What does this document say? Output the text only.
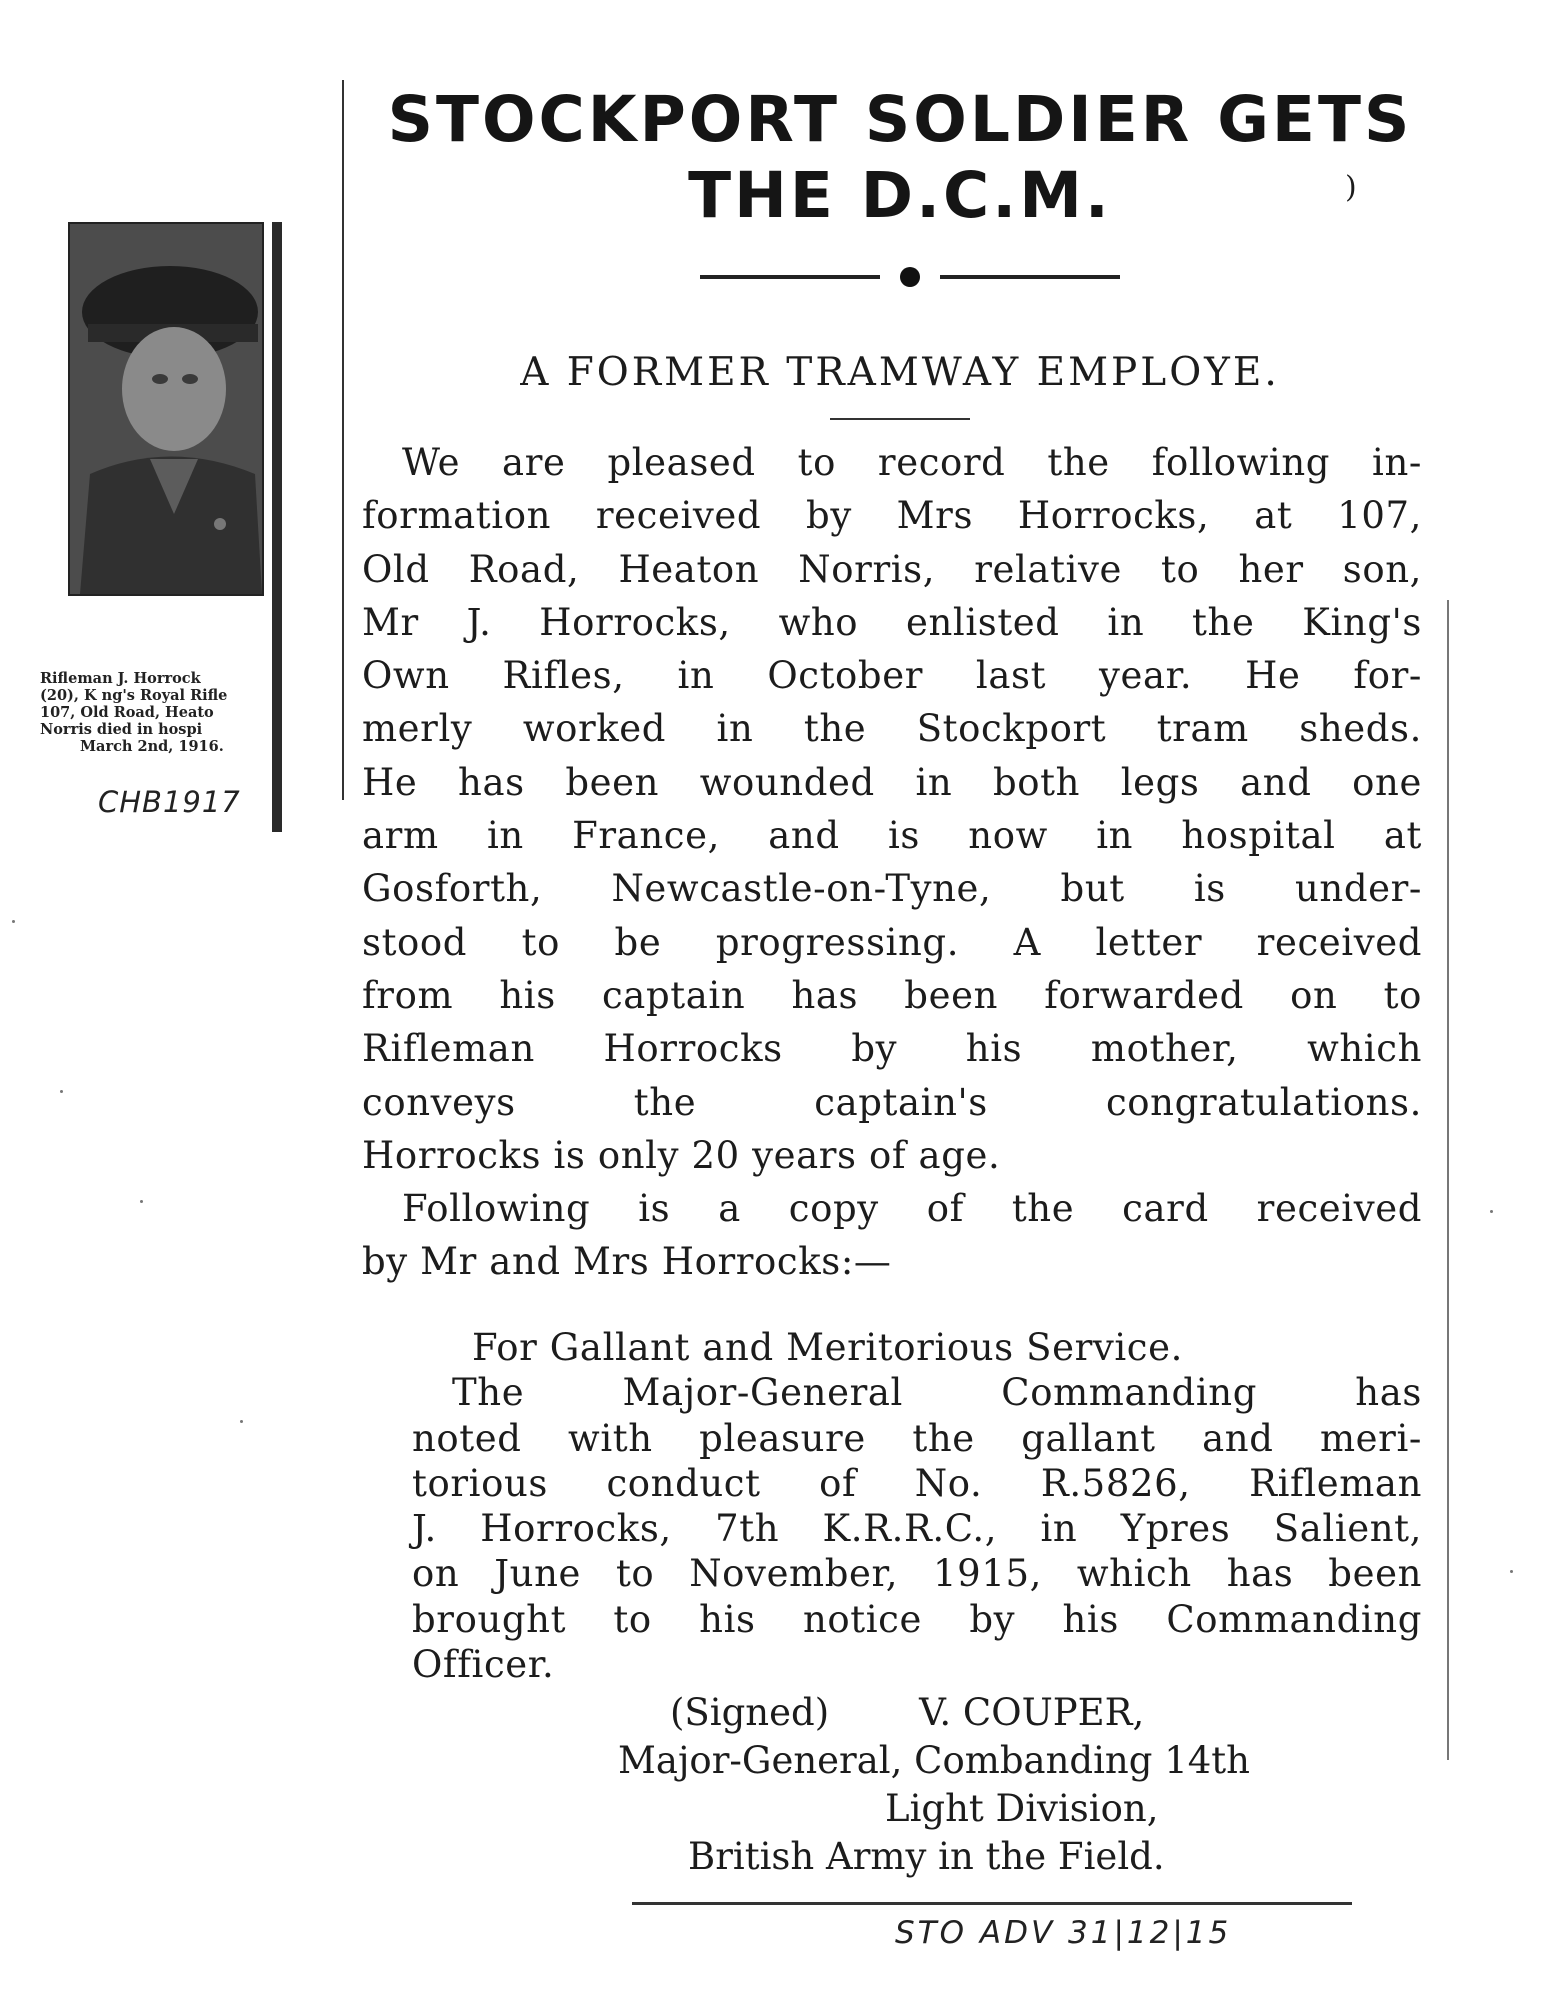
Rifleman J. Horrock
(20), K ng's Royal Rifle
107, Old Road, Heato
Norris died in hospi
March 2nd, 1916.
CHB1917
STOCKPORT SOLDIER GETS
THE D.C.M.	)
A FORMER TRAMWAY EMPLOYE.
We are pleased to record the following in-
formation received by Mrs Horrocks, at 107,
Old Road, Heaton Norris, relative to her son,
Mr J. Horrocks, who enlisted in the King's
Own Rifles, in October last year. He for-
merly worked in the Stockport tram sheds.
He has been wounded in both legs and one
arm in France, and is now in hospital at
Gosforth, Newcastle-on-Tyne, but is under-
stood to be progressing. A letter received
from his captain has been forwarded on to
Rifleman Horrocks by his mother, which
conveys the captain's congratulations.
Horrocks is only 20 years of age.
Following is a copy of the card received
by Mr and Mrs Horrocks:—
For Gallant and Meritorious Service.
The Major-General Commanding has
noted with pleasure the gallant and meri-
torious conduct of No. R.5826, Rifleman
J. Horrocks, 7th K.R.R.C., in Ypres Salient,
on June to November, 1915, which has been
brought to his notice by his Commanding
Officer.
(Signed) V. COUPER,
Major-General, Combanding 14th
Light Division,
British Army in the Field.
STO ADV 31|12|15
